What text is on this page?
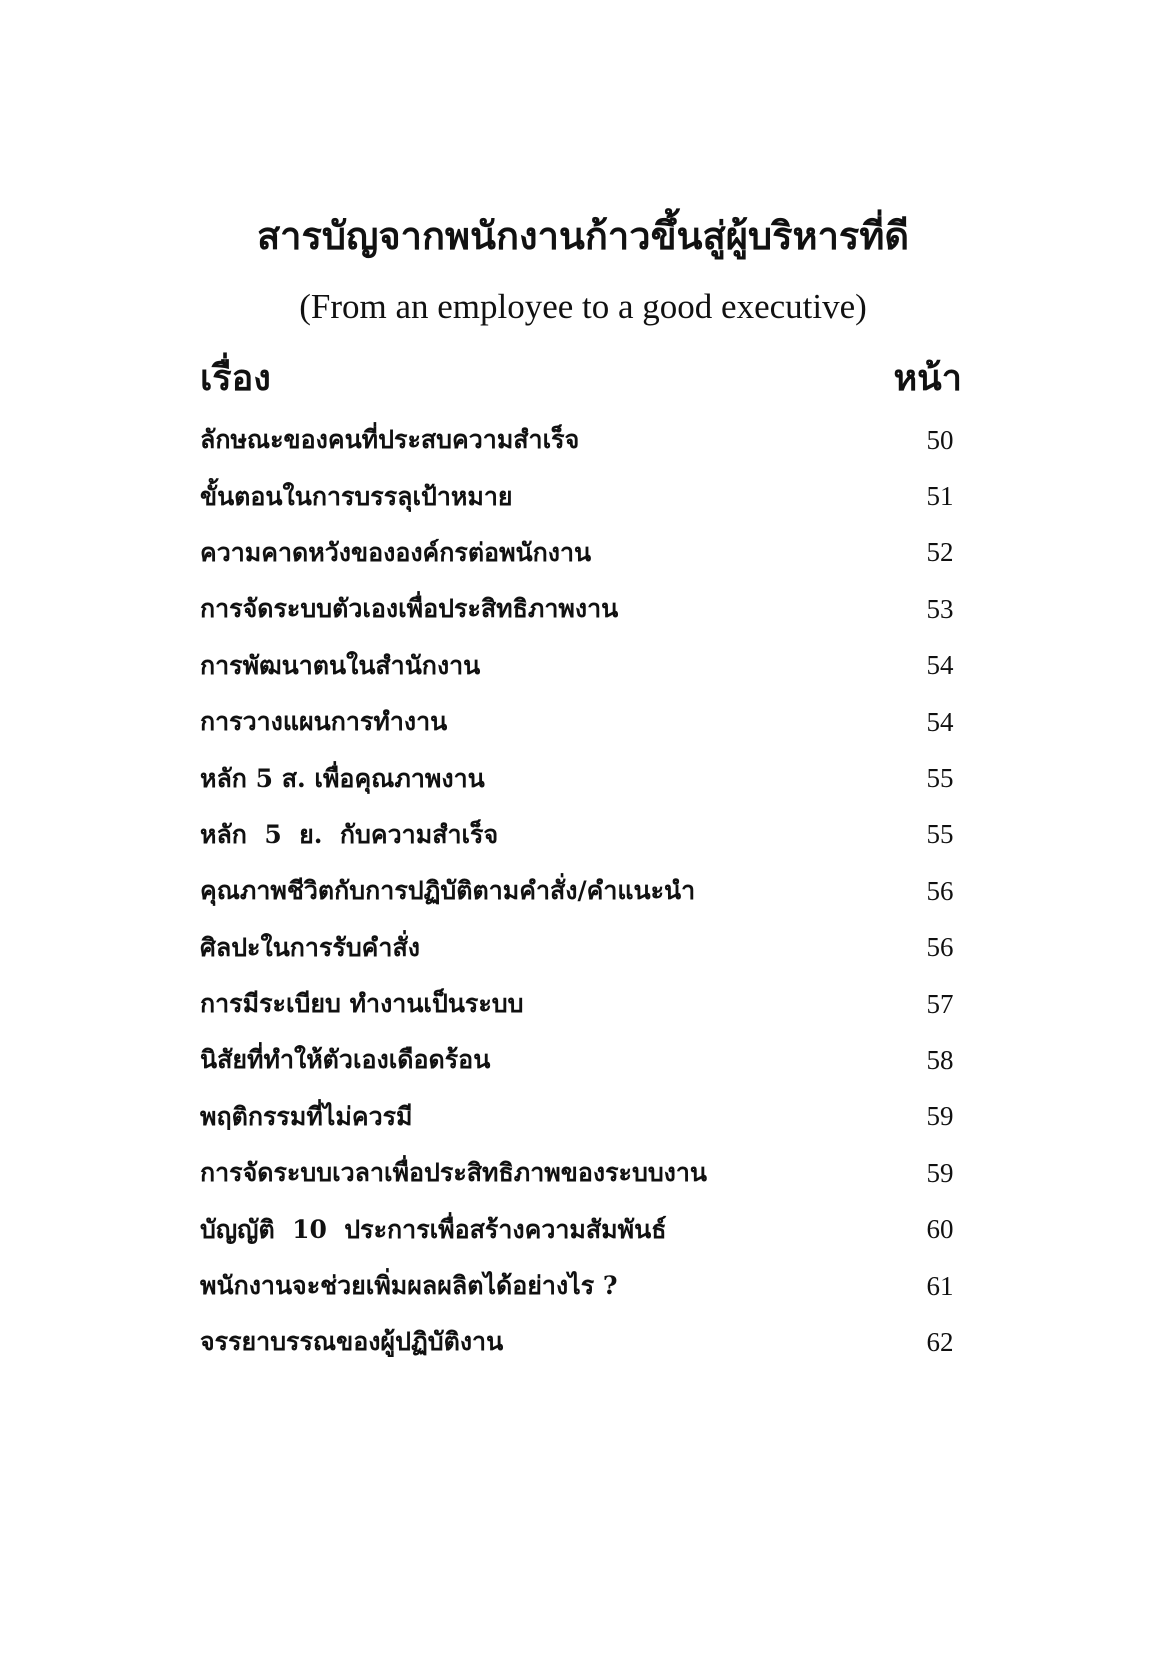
สารบัญจากพนักงานก้าวขึ้นสู่ผู้บริหารที่ดี
(From an employee to a good executive)
เรื่อง	หน้า
ลักษณะของคนที่ประสบความสำเร็จ	50
ขั้นตอนในการบรรลุเป้าหมาย	51
ความคาดหวังขององค์กรต่อพนักงาน	52
การจัดระบบตัวเองเพื่อประสิทธิภาพงาน	53
การพัฒนาตนในสำนักงาน	54
การวางแผนการทำงาน	54
หลัก 5 ส. เพื่อคุณภาพงาน	55
หลัก  5  ย.  กับความสำเร็จ	55
คุณภาพชีวิตกับการปฏิบัติตามคำสั่ง/คำแนะนำ	56
ศิลปะในการรับคำสั่ง	56
การมีระเบียบ ทำงานเป็นระบบ	57
นิสัยที่ทำให้ตัวเองเดือดร้อน	58
พฤติกรรมที่ไม่ควรมี	59
การจัดระบบเวลาเพื่อประสิทธิภาพของระบบงาน	59
บัญญัติ  10  ประการเพื่อสร้างความสัมพันธ์	60
พนักงานจะช่วยเพิ่มผลผลิตได้อย่างไร ?	61
จรรยาบรรณของผู้ปฏิบัติงาน	62
